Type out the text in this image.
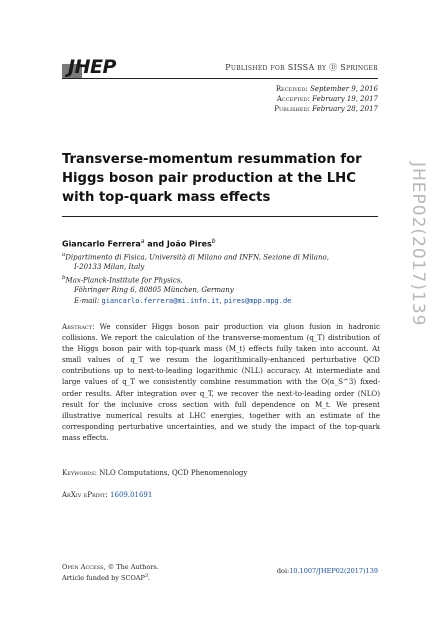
JHEP	Published for SISSA by Ⓓ Springer
Received: September 9, 2016
Accepted: February 19, 2017
Published: February 28, 2017
Transverse-momentum resummation for Higgs boson pair production at the LHC with top-quark mass effects	JHEP02(2017)139
Giancarlo Ferrera$^a$ and João Pires$^b$
$^a$Dipartimento di Fisica, Università di Milano and INFN, Sezione di Milano,
I-20133 Milan, Italy
$^b$Max-Planck-Institute for Physics,
Föhringer Ring 6, 80805 München, Germany
E-mail: giancarlo.ferrera@mi.infn.it, pires@mpp.mpg.de
Abstract: We consider Higgs boson pair production via gluon fusion in hadronic collisions. We report the calculation of the transverse-momentum (q_T) distribution of the Higgs boson pair with top-quark mass (M_t) effects fully taken into account. At small values of q_T we resum the logarithmically-enhanced perturbative QCD contributions up to next-to-leading logarithmic (NLL) accuracy. At intermediate and large values of q_T we consistently combine resummation with the O(α_S^3) fixed-order results. After integration over q_T, we recover the next-to-leading order (NLO) result for the inclusive cross section with full dependence on M_t. We present illustrative numerical results at LHC energies, together with an estimate of the corresponding perturbative uncertainties, and we study the impact of the top-quark mass effects.
Keywords: NLO Computations, QCD Phenomenology
ArXiv ePrint: 1609.01691
Open Access, © The Authors.
Article funded by SCOAP$^3$.
doi:10.1007/JHEP02(2017)139
